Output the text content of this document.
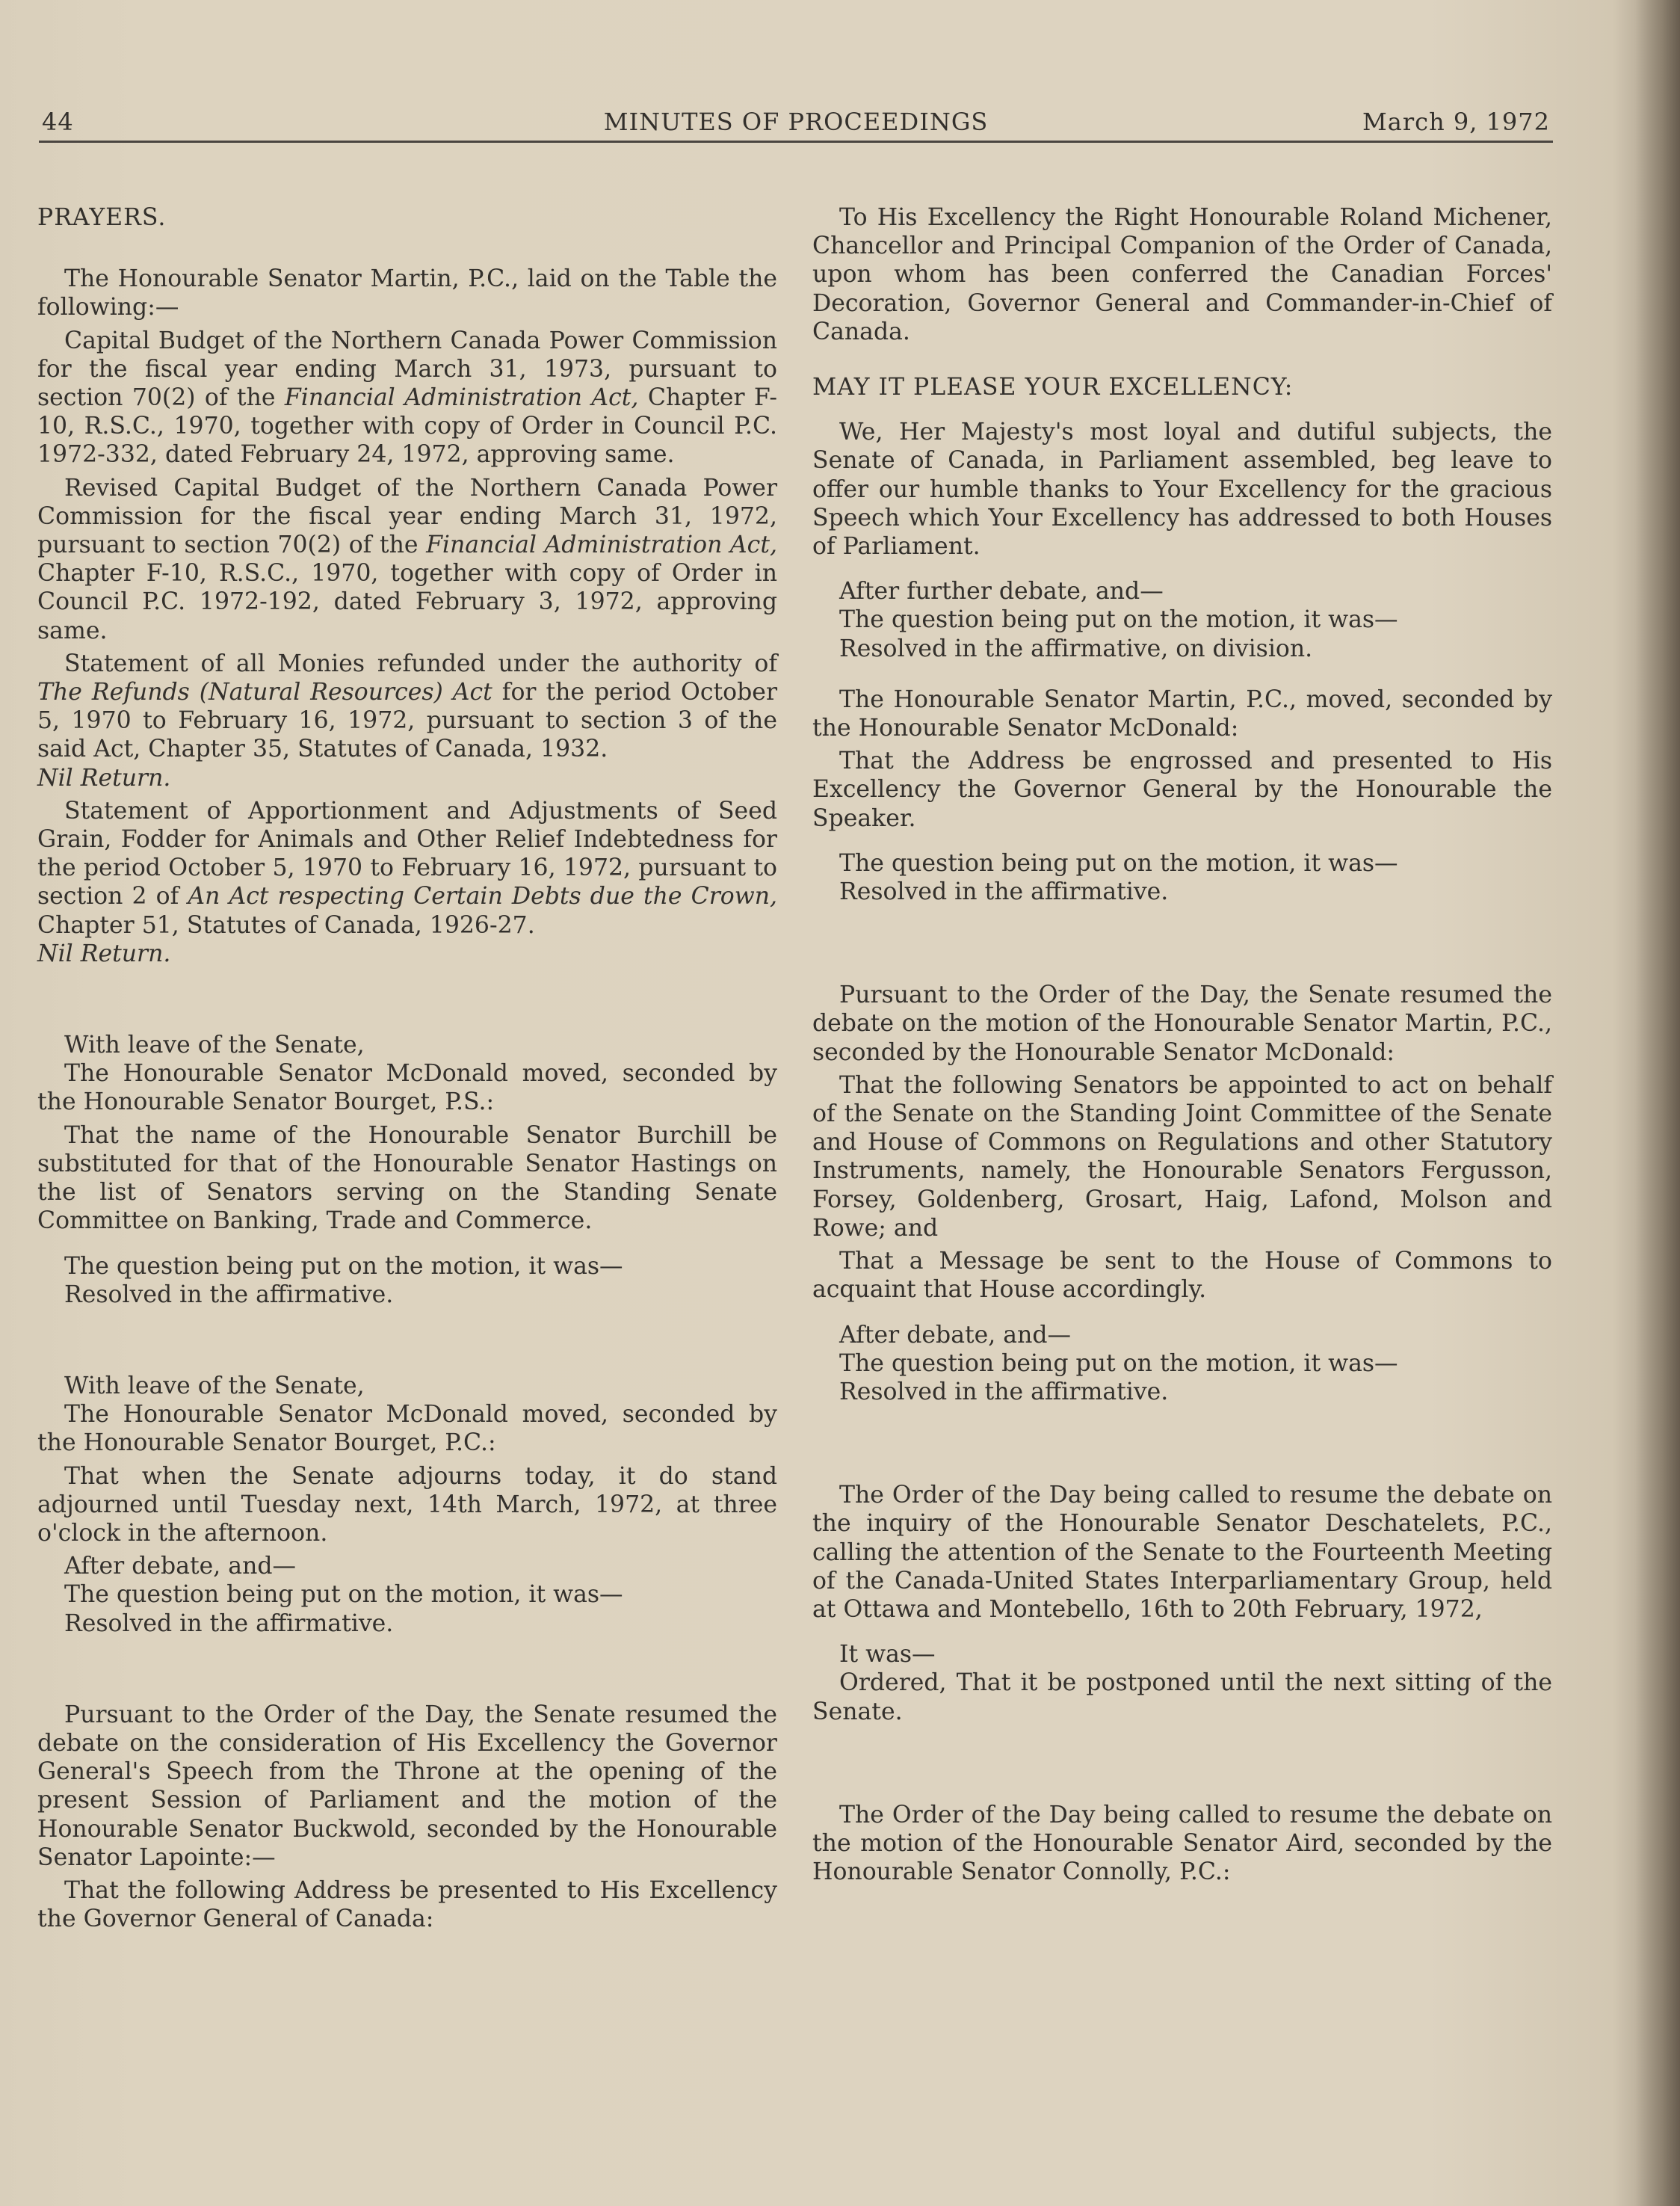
44	MINUTES OF PROCEEDINGS	March 9, 1972

PRAYERS.

The Honourable Senator Martin, P.C., laid on the Table the following:—

Capital Budget of the Northern Canada Power Commission for the fiscal year ending March 31, 1973, pursuant to section 70(2) of the Financial Administration Act, Chapter F-10, R.S.C., 1970, together with copy of Order in Council P.C. 1972-332, dated February 24, 1972, approving same.

Revised Capital Budget of the Northern Canada Power Commission for the fiscal year ending March 31, 1972, pursuant to section 70(2) of the Financial Administration Act, Chapter F-10, R.S.C., 1970, together with copy of Order in Council P.C. 1972-192, dated February 3, 1972, approving same.

Statement of all Monies refunded under the authority of The Refunds (Natural Resources) Act for the period October 5, 1970 to February 16, 1972, pursuant to section 3 of the said Act, Chapter 35, Statutes of Canada, 1932.

Nil Return.

Statement of Apportionment and Adjustments of Seed Grain, Fodder for Animals and Other Relief Indebtedness for the period October 5, 1970 to February 16, 1972, pursuant to section 2 of An Act respecting Certain Debts due the Crown, Chapter 51, Statutes of Canada, 1926-27.

Nil Return.

With leave of the Senate,

The Honourable Senator McDonald moved, seconded by the Honourable Senator Bourget, P.S.:

That the name of the Honourable Senator Burchill be substituted for that of the Honourable Senator Hastings on the list of Senators serving on the Standing Senate Committee on Banking, Trade and Commerce.

The question being put on the motion, it was—

Resolved in the affirmative.

With leave of the Senate,

The Honourable Senator McDonald moved, seconded by the Honourable Senator Bourget, P.C.:

That when the Senate adjourns today, it do stand adjourned until Tuesday next, 14th March, 1972, at three o'clock in the afternoon.

After debate, and—

The question being put on the motion, it was—

Resolved in the affirmative.

Pursuant to the Order of the Day, the Senate resumed the debate on the consideration of His Excellency the Governor General's Speech from the Throne at the opening of the present Session of Parliament and the motion of the Honourable Senator Buckwold, seconded by the Honourable Senator Lapointe:—

That the following Address be presented to His Excellency the Governor General of Canada:

To His Excellency the Right Honourable Roland Michener, Chancellor and Principal Companion of the Order of Canada, upon whom has been conferred the Canadian Forces' Decoration, Governor General and Commander-in-Chief of Canada.

MAY IT PLEASE YOUR EXCELLENCY:

We, Her Majesty's most loyal and dutiful subjects, the Senate of Canada, in Parliament assembled, beg leave to offer our humble thanks to Your Excellency for the gracious Speech which Your Excellency has addressed to both Houses of Parliament.

After further debate, and—

The question being put on the motion, it was—

Resolved in the affirmative, on division.

The Honourable Senator Martin, P.C., moved, seconded by the Honourable Senator McDonald:

That the Address be engrossed and presented to His Excellency the Governor General by the Honourable the Speaker.

The question being put on the motion, it was—

Resolved in the affirmative.

Pursuant to the Order of the Day, the Senate resumed the debate on the motion of the Honourable Senator Martin, P.C., seconded by the Honourable Senator McDonald:

That the following Senators be appointed to act on behalf of the Senate on the Standing Joint Committee of the Senate and House of Commons on Regulations and other Statutory Instruments, namely, the Honourable Senators Fergusson, Forsey, Goldenberg, Grosart, Haig, Lafond, Molson and Rowe; and

That a Message be sent to the House of Commons to acquaint that House accordingly.

After debate, and—

The question being put on the motion, it was—

Resolved in the affirmative.

The Order of the Day being called to resume the debate on the inquiry of the Honourable Senator Deschatelets, P.C., calling the attention of the Senate to the Fourteenth Meeting of the Canada-United States Interparliamentary Group, held at Ottawa and Montebello, 16th to 20th February, 1972,

It was—

Ordered, That it be postponed until the next sitting of the Senate.

The Order of the Day being called to resume the debate on the motion of the Honourable Senator Aird, seconded by the Honourable Senator Connolly, P.C.:
